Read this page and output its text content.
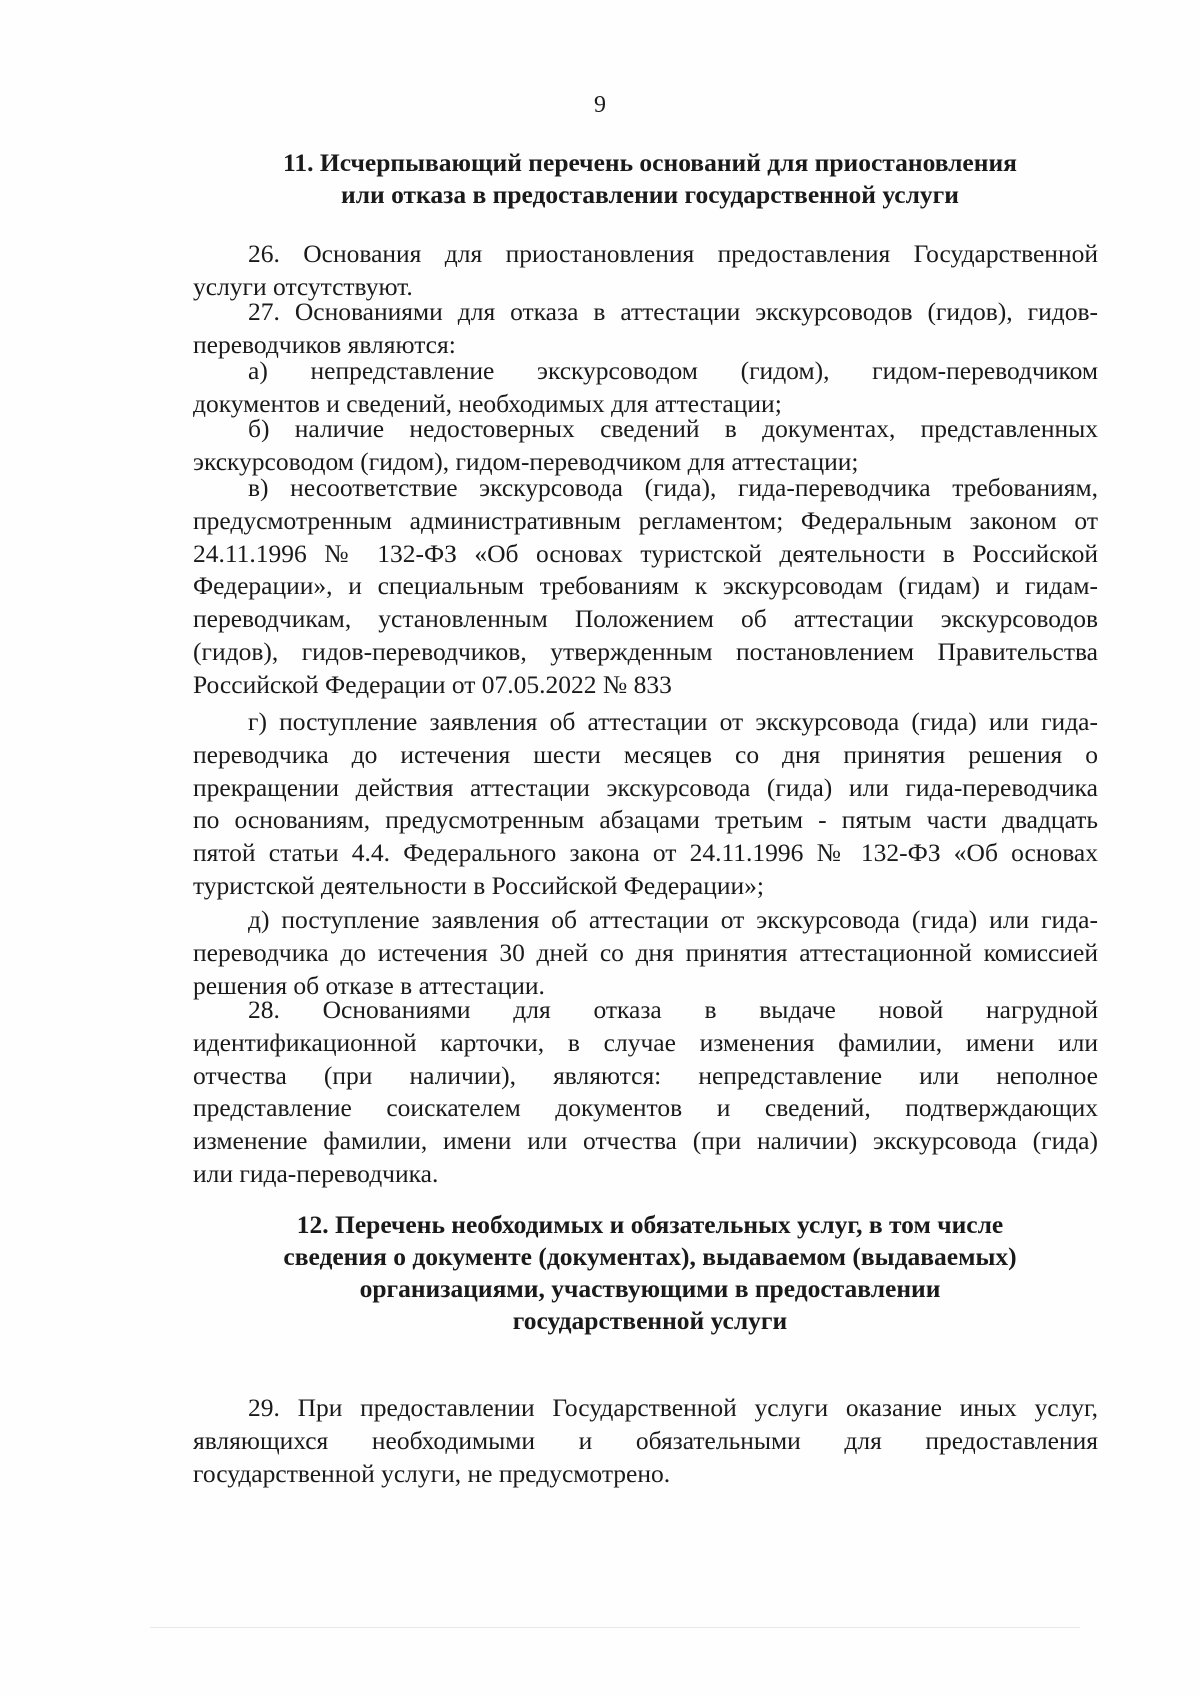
9
11. Исчерпывающий перечень оснований для приостановления
или отказа в предоставлении государственной услуги
26. Основания для приостановления предоставления Государственной
услуги отсутствуют.
27. Основаниями для отказа в аттестации экскурсоводов (гидов), гидов-
переводчиков являются:
а) непредставление экскурсоводом (гидом), гидом-переводчиком
документов и сведений, необходимых для аттестации;
б) наличие недостоверных сведений в документах, представленных
экскурсоводом (гидом), гидом-переводчиком для аттестации;
в) несоответствие экскурсовода (гида), гида-переводчика требованиям,
предусмотренным административным регламентом; Федеральным законом от
24.11.1996 № 132-ФЗ «Об основах туристской деятельности в Российской
Федерации», и специальным требованиям к экскурсоводам (гидам) и гидам-
переводчикам, установленным Положением об аттестации экскурсоводов
(гидов), гидов-переводчиков, утвержденным постановлением Правительства
Российской Федерации от 07.05.2022 № 833
г) поступление заявления об аттестации от экскурсовода (гида) или гида-
переводчика до истечения шести месяцев со дня принятия решения о
прекращении действия аттестации экскурсовода (гида) или гида-переводчика
по основаниям, предусмотренным абзацами третьим - пятым части двадцать
пятой статьи 4.4. Федерального закона от 24.11.1996 № 132-ФЗ «Об основах
туристской деятельности в Российской Федерации»;
д) поступление заявления об аттестации от экскурсовода (гида) или гида-
переводчика до истечения 30 дней со дня принятия аттестационной комиссией
решения об отказе в аттестации.
28. Основаниями для отказа в выдаче новой нагрудной
идентификационной карточки, в случае изменения фамилии, имени или
отчества (при наличии), являются: непредставление или неполное
представление соискателем документов и сведений, подтверждающих
изменение фамилии, имени или отчества (при наличии) экскурсовода (гида)
или гида-переводчика.
12. Перечень необходимых и обязательных услуг, в том числе
сведения о документе (документах), выдаваемом (выдаваемых)
организациями, участвующими в предоставлении
государственной услуги
29. При предоставлении Государственной услуги оказание иных услуг,
являющихся необходимыми и обязательными для предоставления
государственной услуги, не предусмотрено.
